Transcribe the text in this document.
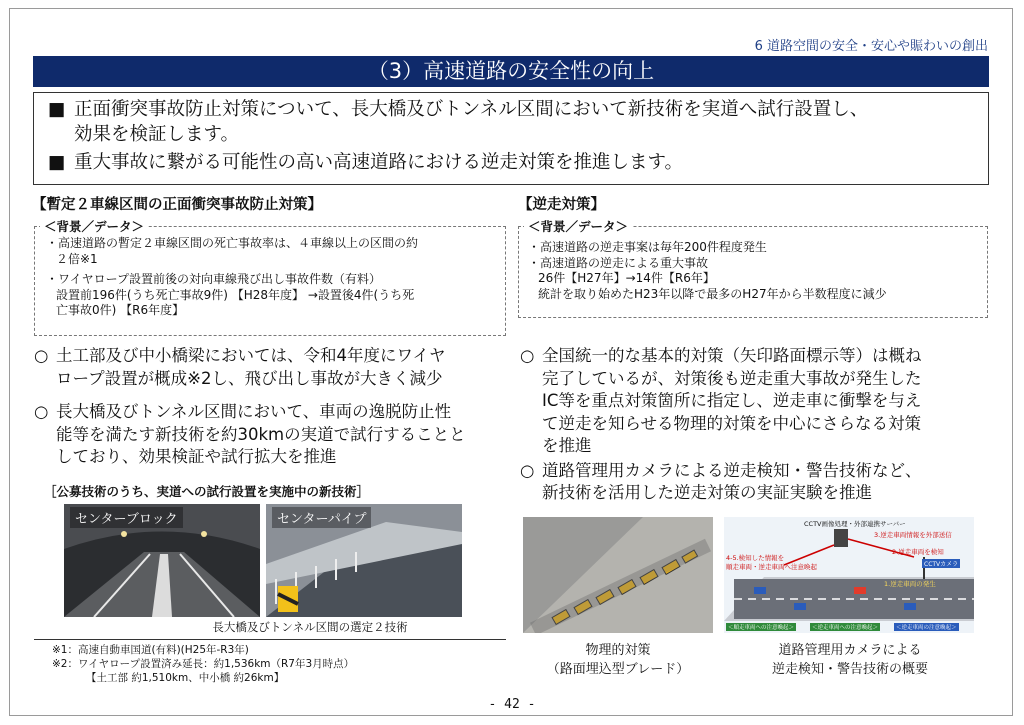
6 道路空間の安全・安心や賑わいの創出
（3）高速道路の安全性の向上
■ 正面衝突事故防止対策について、長大橋及びトンネル区間において新技術を実道へ試行設置し、
効果を検証します。
■ 重大事故に繋がる可能性の高い高速道路における逆走対策を推進します。
【暫定２車線区間の正面衝突事故防止対策】
＜背景／データ＞
・高速道路の暫定２車線区間の死亡事故率は、４車線以上の区間の約
２倍※1
・ワイヤロープ設置前後の対向車線飛び出し事故件数（有料）
設置前196件(うち死亡事故9件) 【H28年度】 →設置後4件(うち死
亡事故0件) 【R6年度】
○ 土工部及び中小橋梁においては、令和4年度にワイヤ
ロープ設置が概成※2し、飛び出し事故が大きく減少
○ 長大橋及びトンネル区間において、車両の逸脱防止性
能等を満たす新技術を約30kmの実道で試行することと
しており、効果検証や試行拡大を推進
［公募技術のうち、実道への試行設置を実施中の新技術］
センターブロック	センターパイプ
長大橋及びトンネル区間の選定２技術
※1：高速自動車国道(有料)(H25年-R3年)
※2：ワイヤロープ設置済み延長：約1,536km（R7年3月時点）
【土工部 約1,510km、中小橋 約26km】
【逆走対策】
＜背景／データ＞
・高速道路の逆走事案は毎年200件程度発生
・高速道路の逆走による重大事故
26件【H27年】→14件【R6年】
統計を取り始めたH23年以降で最多のH27年から半数程度に減少
○ 全国統一的な基本的対策（矢印路面標示等）は概ね
完了しているが、対策後も逆走重大事故が発生した
IC等を重点対策箇所に指定し、逆走車に衝撃を与え
て逆走を知らせる物理的対策を中心にさらなる対策
を推進
○ 道路管理用カメラによる逆走検知・警告技術など、
新技術を活用した逆走対策の実証実験を推進
CCTV画像処理・外部連携サーバー
3.逆走車両情報を外部送信
2.逆走車両を検知
CCTVカメラ
4-5.検知した情報を
順走車両・逆走車両へ注意喚起
1.逆走車両の発生
＜順走車両への注意喚起＞	＜逆走車両への注意喚起＞	＜逆走車両の注意喚起＞
物理的対策
（路面埋込型ブレード）
道路管理用カメラによる
逆走検知・警告技術の概要
- 42 -
